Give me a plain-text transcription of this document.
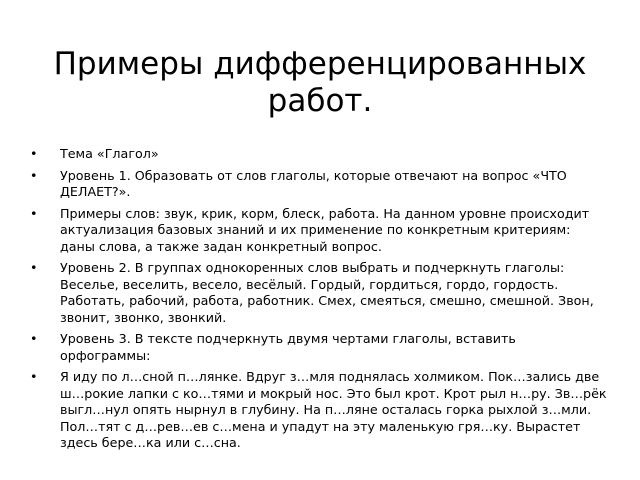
Примеры дифференцированных работ.
•	Тема «Глагол»
•	Уровень 1. Образовать от слов глаголы, которые отвечают на вопрос «ЧТО ДЕЛАЕТ?».
•	Примеры слов: звук, крик, корм, блеск, работа. На данном уровне происходит актуализация базовых знаний и их применение по конкретным критериям: даны слова, а также задан конкретный вопрос.
•	Уровень 2. В группах однокоренных слов выбрать и подчеркнуть глаголы: Веселье, веселить, весело, весёлый. Гордый, гордиться, гордо, гордость. Работать, рабочий, работа, работник. Смех, смеяться, смешно, смешной. Звон, звонит, звонко, звонкий.
•	Уровень 3. В тексте подчеркнуть двумя чертами глаголы, вставить орфограммы:
•	Я иду по л…сной п…лянке. Вдруг з…мля поднялась холмиком. Пок…зались две ш…рокие лапки с ко…тями и мокрый нос. Это был крот. Крот рыл н…ру. Зв…рёк выгл…нул опять нырнул в глубину. На п…ляне осталась горка рыхлой з…мли. Пол…тят с д…рев…ев с…мена и упадут на эту маленькую гря…ку. Вырастет здесь бере…ка или с…сна.
